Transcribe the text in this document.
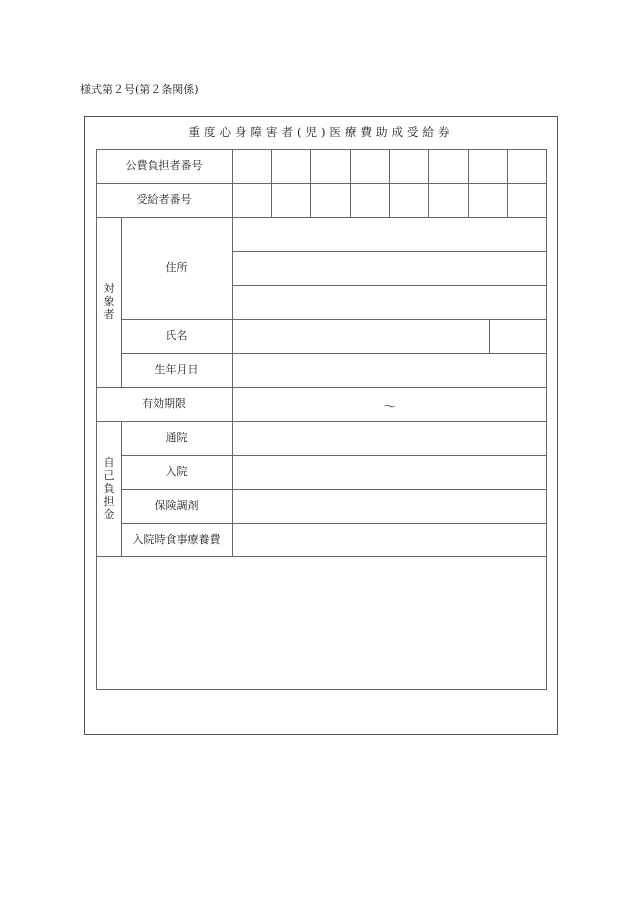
様式第２号(第２条関係)
重度心身障害者(児)医療費助成受給券
公費負担者番号
受給者番号
対象者
住所
氏名
生年月日
有効期限	～
自己負担金
通院
入院
保険調剤
入院時食事療養費
